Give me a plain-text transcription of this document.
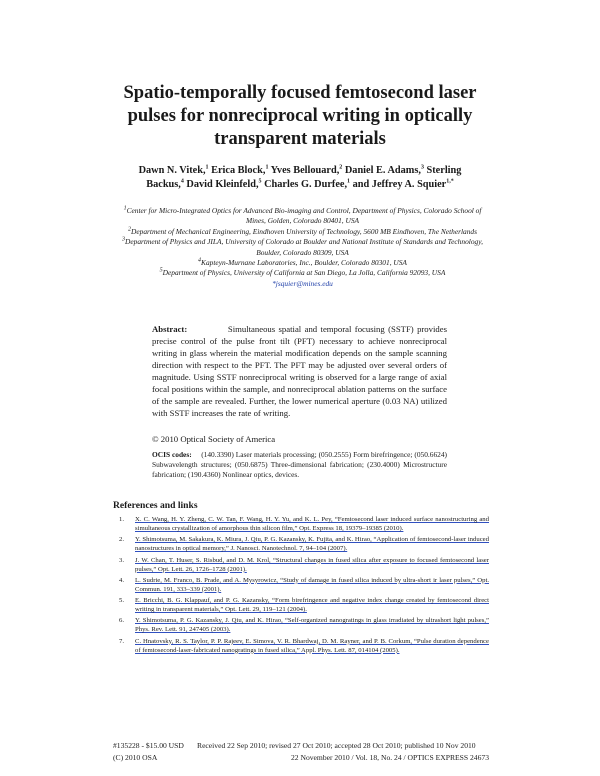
Spatio-temporally focused femtosecond laser pulses for nonreciprocal writing in optically transparent materials
Dawn N. Vitek,$^1$ Erica Block,$^1$ Yves Bellouard,$^2$ Daniel E. Adams,$^3$ Sterling Backus,$^4$ David Kleinfeld,$^5$ Charles G. Durfee,$^1$ and Jeffrey A. Squier$^{1,*}$
$^1$Center for Micro-Integrated Optics for Advanced Bio-imaging and Control, Department of Physics, Colorado School of Mines, Golden, Colorado 80401, USA
$^2$Department of Mechanical Engineering, Eindhoven University of Technology, 5600 MB Eindhoven, The Netherlands
$^3$Department of Physics and JILA, University of Colorado at Boulder and National Institute of Standards and Technology, Boulder, Colorado 80309, USA
$^4$Kapteyn-Murnane Laboratories, Inc., Boulder, Colorado 80301, USA
$^5$Department of Physics, University of California at San Diego, La Jolla, California 92093, USA
*jsquier@mines.edu
Abstract:	Simultaneous spatial and temporal focusing (SSTF) provides precise control of the pulse front tilt (PFT) necessary to achieve nonreciprocal writing in glass wherein the material modification depends on the sample scanning direction with respect to the PFT. The PFT may be adjusted over several orders of magnitude. Using SSTF nonreciprocal writing is observed for a large range of axial focal positions within the sample, and nonreciprocal ablation patterns on the surface of the sample are revealed. Further, the lower numerical aperture (0.03 NA) utilized with SSTF increases the rate of writing.
© 2010 Optical Society of America
OCIS codes: (140.3390) Laser materials processing; (050.2555) Form birefringence; (050.6624) Subwavelength structures; (050.6875) Three-dimensional fabrication; (230.4000) Microstructure fabrication; (190.4360) Nonlinear optics, devices.
References and links
1. X. C. Wang, H. Y. Zheng, C. W. Tan, F. Wang, H. Y. Yu, and K. L. Pey, “Femtosecond laser induced surface nanostructuring and simultaneous crystallization of amorphous thin silicon film,” Opt. Express 18, 19379–19385 (2010).
2. Y. Shimotsuma, M. Sakakura, K. Miura, J. Qiu, P. G. Kazansky, K. Fujita, and K. Hirao, “Application of femtosecond-laser induced nanostructures in optical memory,” J. Nanosci. Nanotechnol. 7, 94–104 (2007).
3. J. W. Chan, T. Huser, S. Risbud, and D. M. Krol, “Structural changes in fused silica after exposure to focused femtosecond laser pulses,” Opt. Lett. 26, 1726–1728 (2001).
4. L. Sudrie, M. Franco, B. Prade, and A. Mysyrowicz, “Study of damage in fused silica induced by ultra-short ir laser pulses,” Opt. Commun. 191, 333–339 (2001).
5. E. Bricchi, B. G. Klappauf, and P. G. Kazansky, “Form birefringence and negative index change created by femtosecond direct writing in transparent materials,” Opt. Lett. 29, 119–121 (2004).
6. Y. Shimotsuma, P. G. Kazansky, J. Qiu, and K. Hirao, “Self-organized nanogratings in glass irradiated by ultrashort light pulses,” Phys. Rev. Lett. 91, 247405 (2003).
7. C. Hnatovsky, R. S. Taylor, P. P. Rajeev, E. Simova, V. R. Bhardwaj, D. M. Rayner, and P. B. Corkum, “Pulse duration dependence of femtosecond-laser-fabricated nanogratings in fused silica,” Appl. Phys. Lett. 87, 014104 (2005).
#135228 - $15.00 USD Received 22 Sep 2010; revised 27 Oct 2010; accepted 28 Oct 2010; published 10 Nov 2010
(C) 2010 OSA	22 November 2010 / Vol. 18, No. 24 / OPTICS EXPRESS 24673
